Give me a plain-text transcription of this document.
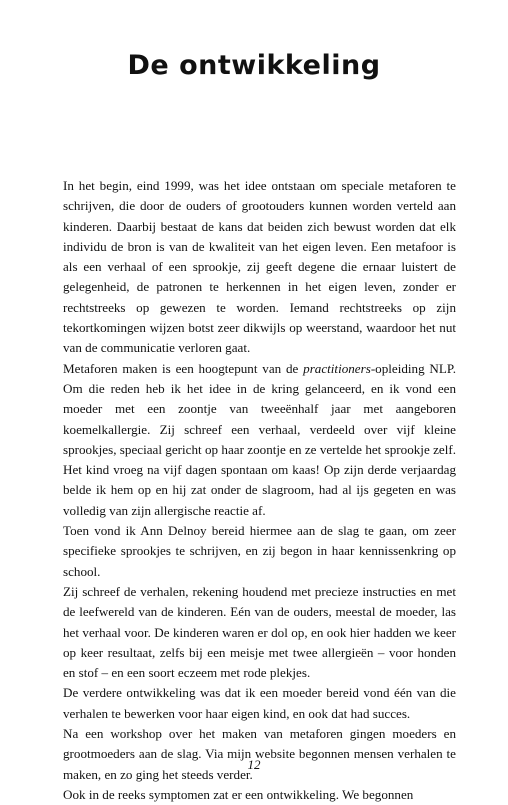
De ontwikkeling

In het begin, eind 1999, was het idee ontstaan om speciale metaforen te schrijven, die door de ouders of grootouders kunnen worden verteld aan kinderen. Daarbij bestaat de kans dat beiden zich bewust worden dat elk individu de bron is van de kwaliteit van het eigen leven. Een metafoor is als een verhaal of een sprookje, zij geeft degene die ernaar luistert de gelegenheid, de patronen te herkennen in het eigen leven, zonder er rechtstreeks op gewezen te worden. Iemand rechtstreeks op zijn tekortkomingen wijzen botst zeer dikwijls op weerstand, waardoor het nut van de communicatie verloren gaat.

Metaforen maken is een hoogtepunt van de practitioners-opleiding NLP. Om die reden heb ik het idee in de kring gelanceerd, en ik vond een moeder met een zoontje van tweeënhalf jaar met aangeboren koemelkallergie. Zij schreef een verhaal, verdeeld over vijf kleine sprookjes, speciaal gericht op haar zoontje en ze vertelde het sprookje zelf. Het kind vroeg na vijf dagen spontaan om kaas! Op zijn derde verjaardag belde ik hem op en hij zat onder de slagroom, had al ijs gegeten en was volledig van zijn allergische reactie af.

Toen vond ik Ann Delnoy bereid hiermee aan de slag te gaan, om zeer specifieke sprookjes te schrijven, en zij begon in haar kennissenkring op school.

Zij schreef de verhalen, rekening houdend met precieze instructies en met de leefwereld van de kinderen. Eén van de ouders, meestal de moeder, las het verhaal voor. De kinderen waren er dol op, en ook hier hadden we keer op keer resultaat, zelfs bij een meisje met twee allergieën – voor honden en stof – en een soort eczeem met rode plekjes.

De verdere ontwikkeling was dat ik een moeder bereid vond één van die verhalen te bewerken voor haar eigen kind, en ook dat had succes.

Na een workshop over het maken van metaforen gingen moeders en grootmoeders aan de slag. Via mijn website begonnen mensen verhalen te maken, en zo ging het steeds verder.

Ook in de reeks symptomen zat er een ontwikkeling. We begonnen

12
